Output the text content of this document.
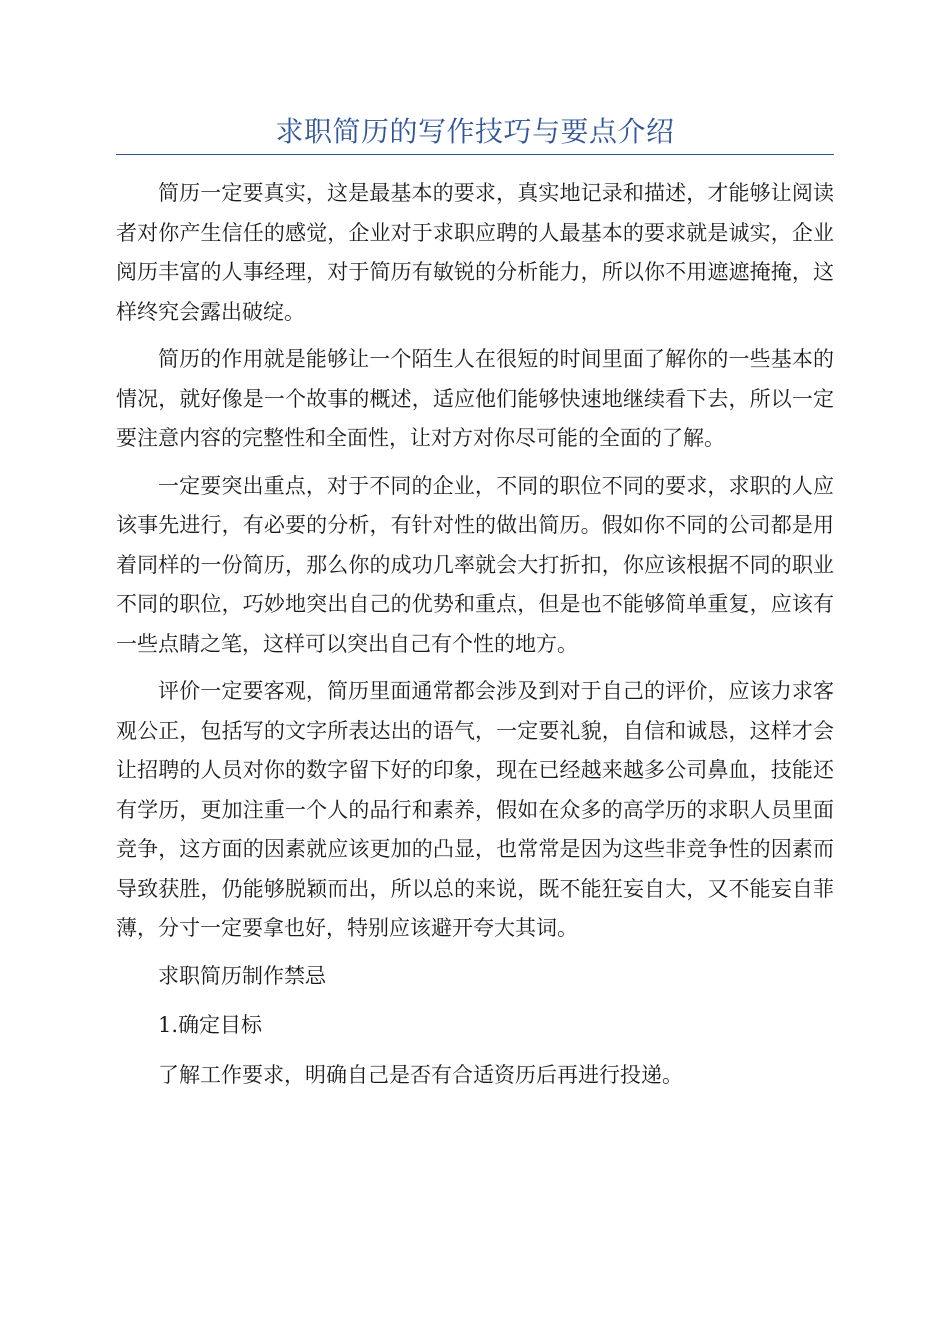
求职简历的写作技巧与要点介绍

简历一定要真实，这是最基本的要求，真实地记录和描述，才能够让阅读者对你产生信任的感觉，企业对于求职应聘的人最基本的要求就是诚实，企业阅历丰富的人事经理，对于简历有敏锐的分析能力，所以你不用遮遮掩掩，这样终究会露出破绽。

简历的作用就是能够让一个陌生人在很短的时间里面了解你的一些基本的情况，就好像是一个故事的概述，适应他们能够快速地继续看下去，所以一定要注意内容的完整性和全面性，让对方对你尽可能的全面的了解。

一定要突出重点，对于不同的企业，不同的职位不同的要求，求职的人应该事先进行，有必要的分析，有针对性的做出简历。假如你不同的公司都是用着同样的一份简历，那么你的成功几率就会大打折扣，你应该根据不同的职业不同的职位，巧妙地突出自己的优势和重点，但是也不能够简单重复，应该有一些点睛之笔，这样可以突出自己有个性的地方。

评价一定要客观，简历里面通常都会涉及到对于自己的评价，应该力求客观公正，包括写的文字所表达出的语气，一定要礼貌，自信和诚恳，这样才会让招聘的人员对你的数字留下好的印象，现在已经越来越多公司鼻血，技能还有学历，更加注重一个人的品行和素养，假如在众多的高学历的求职人员里面竞争，这方面的因素就应该更加的凸显，也常常是因为这些非竞争性的因素而导致获胜，仍能够脱颖而出，所以总的来说，既不能狂妄自大，又不能妄自菲薄，分寸一定要拿也好，特别应该避开夸大其词。

求职简历制作禁忌

1.确定目标

了解工作要求，明确自己是否有合适资历后再进行投递。
